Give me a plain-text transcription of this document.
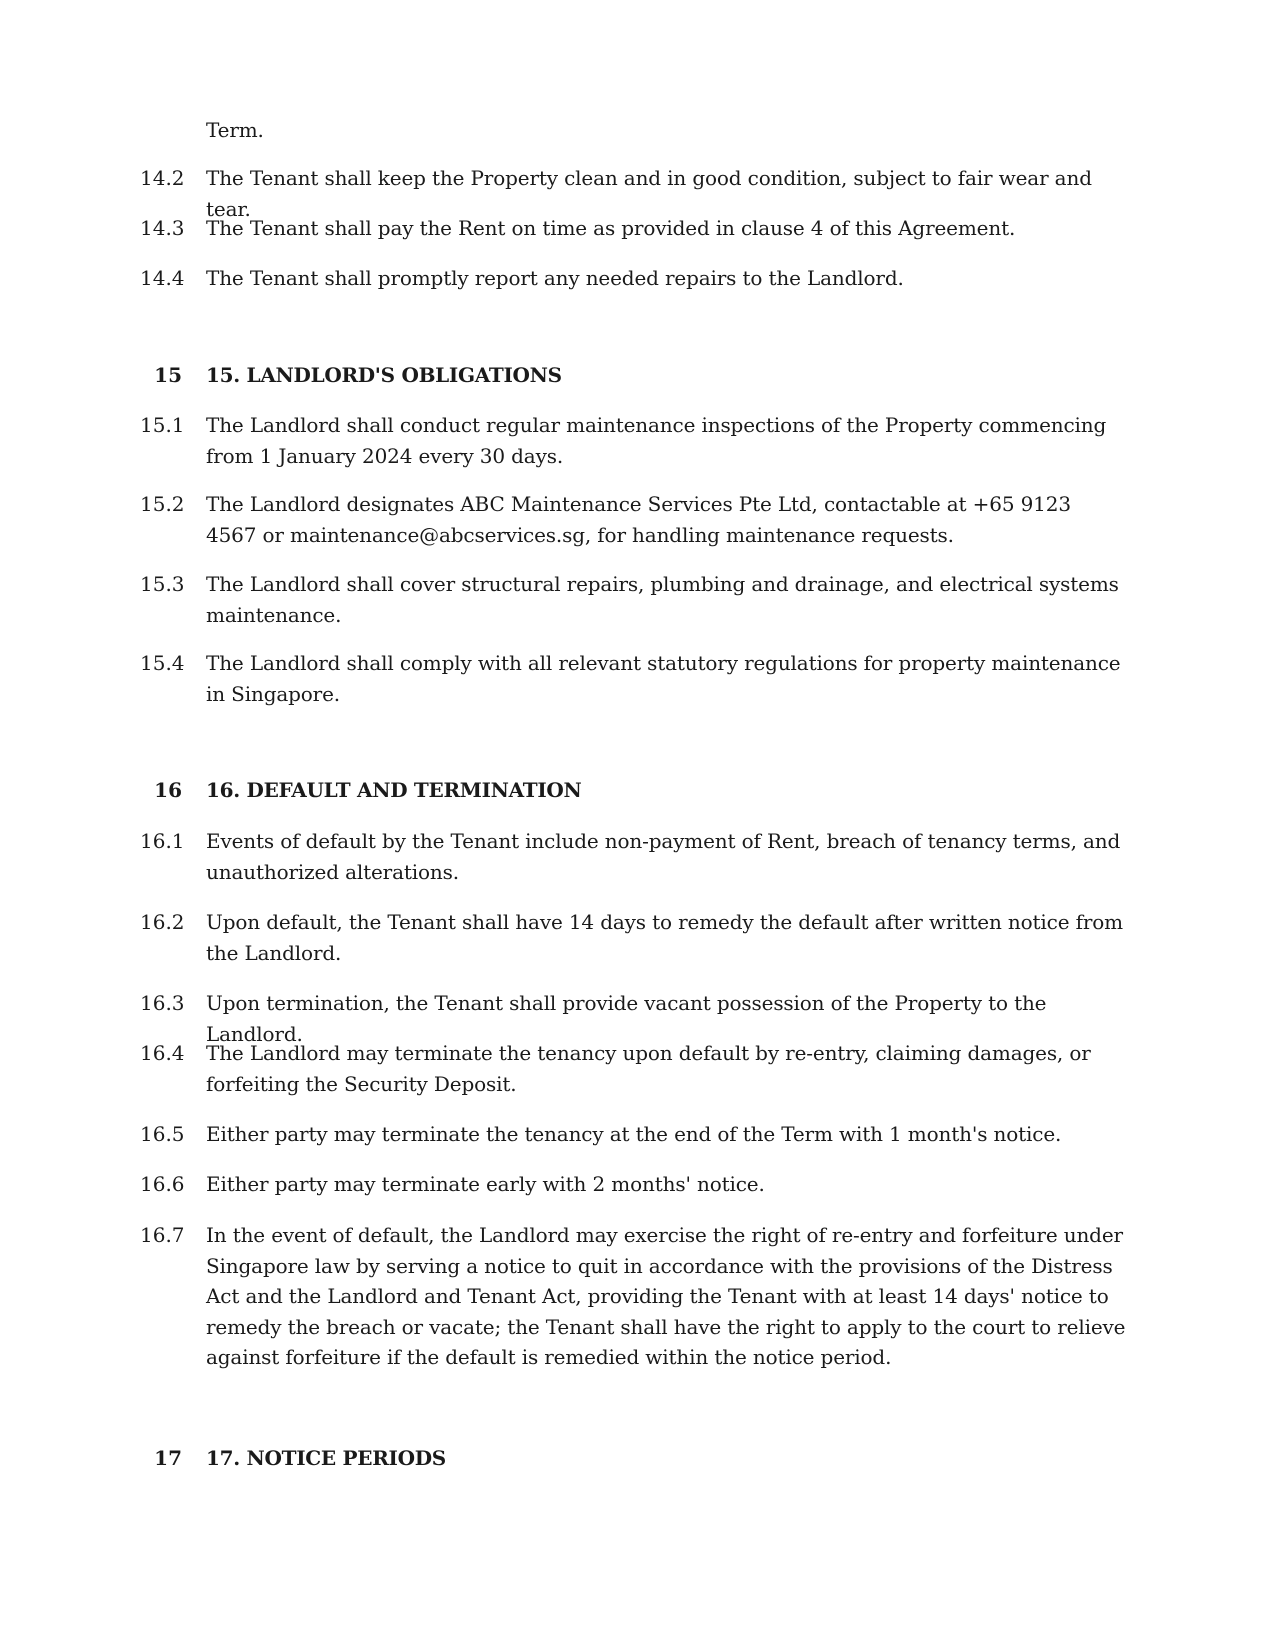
Term.
14.2 The Tenant shall keep the Property clean and in good condition, subject to fair wear and tear.
14.3 The Tenant shall pay the Rent on time as provided in clause 4 of this Agreement.
14.4 The Tenant shall promptly report any needed repairs to the Landlord.
15 15. LANDLORD'S OBLIGATIONS
15.1 The Landlord shall conduct regular maintenance inspections of the Property commencing from 1 January 2024 every 30 days.
15.2 The Landlord designates ABC Maintenance Services Pte Ltd, contactable at +65 9123 4567 or maintenance@abcservices.sg, for handling maintenance requests.
15.3 The Landlord shall cover structural repairs, plumbing and drainage, and electrical systems maintenance.
15.4 The Landlord shall comply with all relevant statutory regulations for property maintenance in Singapore.
16 16. DEFAULT AND TERMINATION
16.1 Events of default by the Tenant include non-payment of Rent, breach of tenancy terms, and unauthorized alterations.
16.2 Upon default, the Tenant shall have 14 days to remedy the default after written notice from the Landlord.
16.3 Upon termination, the Tenant shall provide vacant possession of the Property to the Landlord.
16.4 The Landlord may terminate the tenancy upon default by re-entry, claiming damages, or forfeiting the Security Deposit.
16.5 Either party may terminate the tenancy at the end of the Term with 1 month's notice.
16.6 Either party may terminate early with 2 months' notice.
16.7 In the event of default, the Landlord may exercise the right of re-entry and forfeiture under Singapore law by serving a notice to quit in accordance with the provisions of the Distress Act and the Landlord and Tenant Act, providing the Tenant with at least 14 days' notice to remedy the breach or vacate; the Tenant shall have the right to apply to the court to relieve against forfeiture if the default is remedied within the notice period.
17 17. NOTICE PERIODS
